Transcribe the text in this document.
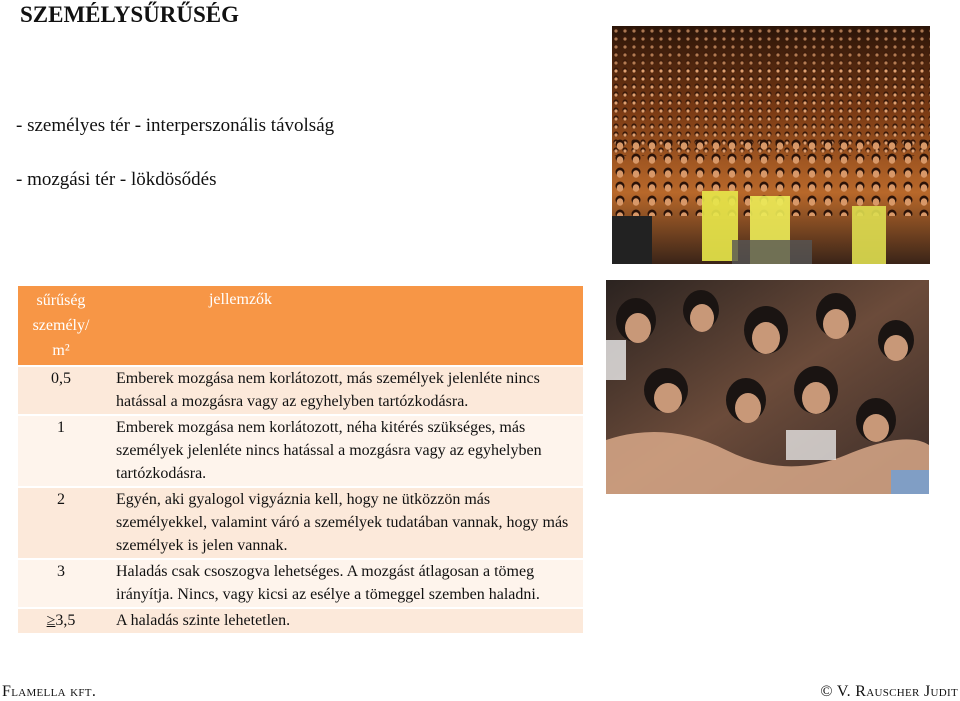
SZEMÉLYSŰRŰSÉG
- személyes tér - interperszonális távolság
- mozgási tér - lökdösődés
sűrűség személy/ m²	jellemzők
0,5	Emberek mozgása nem korlátozott, más személyek jelenléte nincs hatással a mozgásra vagy az egyhelyben tartózkodásra.
1	Emberek mozgása nem korlátozott, néha kitérés szükséges, más személyek jelenléte nincs hatással a mozgásra vagy az egyhelyben tartózkodásra.
2	Egyén, aki gyalogol vigyáznia kell, hogy ne ütközzön más személyekkel, valamint váró a személyek tudatában vannak, hogy más személyek is jelen vannak.
3	Haladás csak csoszogva lehetséges. A mozgást átlagosan a tömeg irányítja. Nincs, vagy kicsi az esélye a tömeggel szemben haladni.
≥3,5	A haladás szinte lehetetlen.
Flamella kft.	© V. Rauscher Judit
